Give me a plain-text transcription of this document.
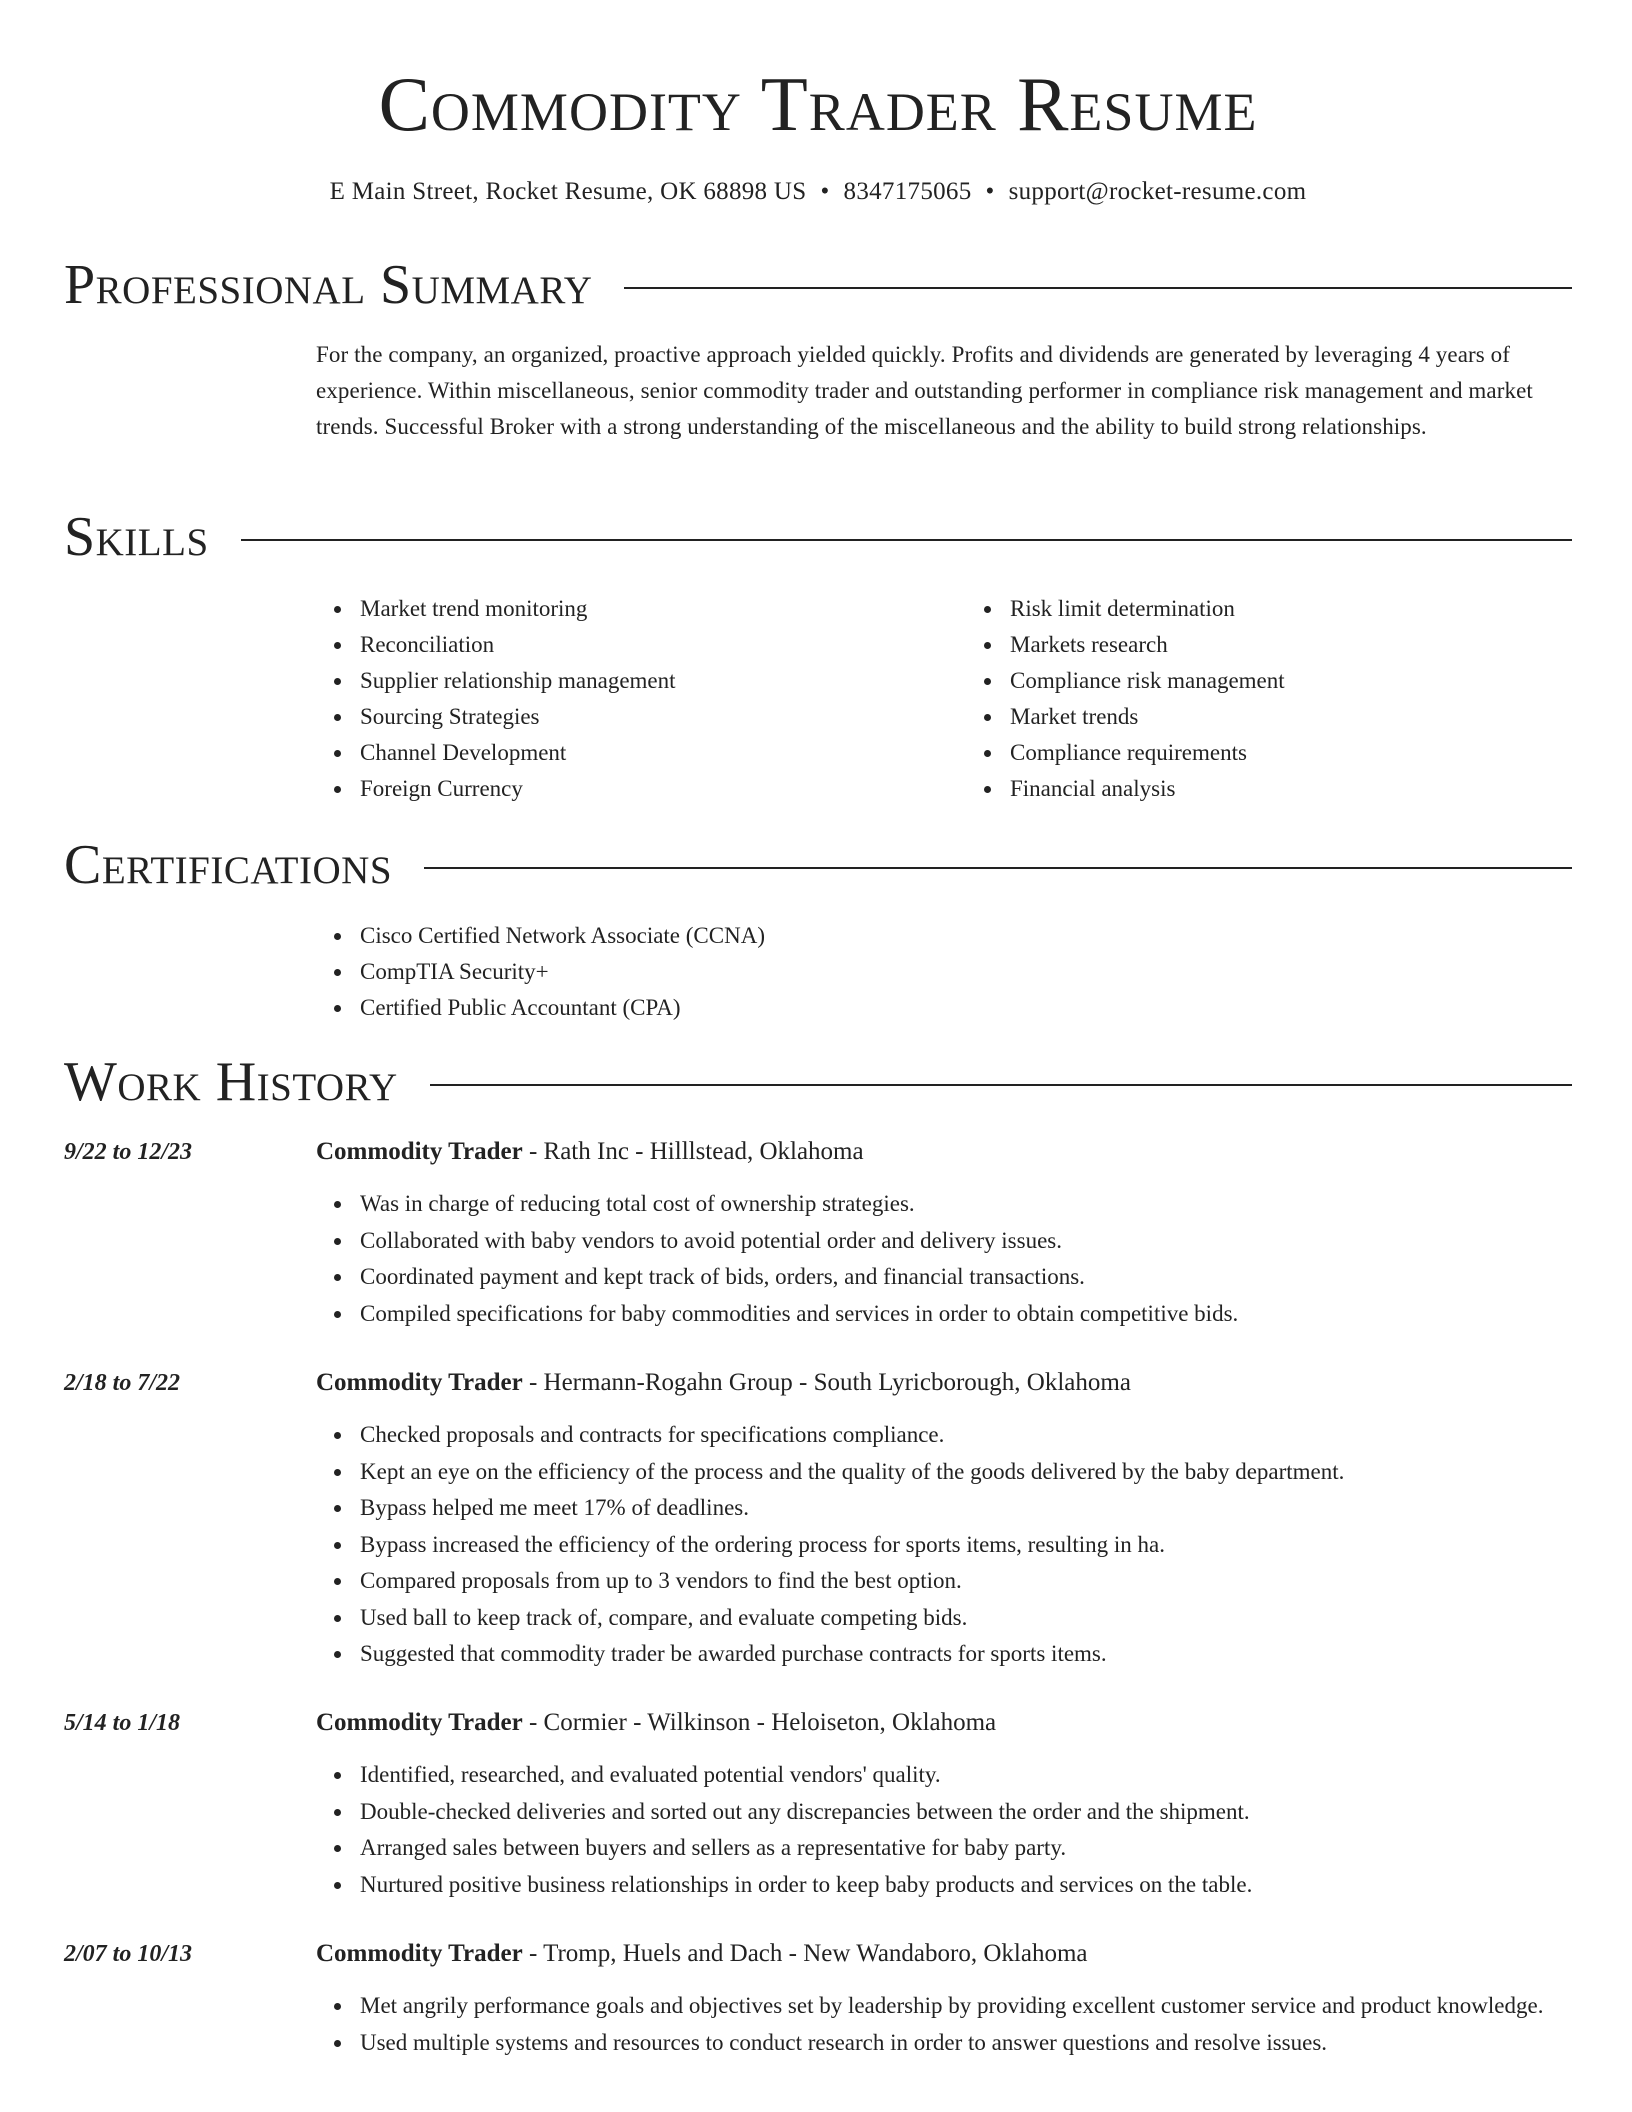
Commodity Trader Resume
E Main Street, Rocket Resume, OK 68898 US • 8347175065 • support@rocket-resume.com
Professional Summary

For the company, an organized, proactive approach yielded quickly. Profits and dividends are generated by leveraging 4 years of experience. Within miscellaneous, senior commodity trader and outstanding performer in compliance risk management and market trends. Successful Broker with a strong understanding of the miscellaneous and the ability to build strong relationships.

Skills
Market trend monitoring
Reconciliation
Supplier relationship management
Sourcing Strategies
Channel Development
Foreign Currency
Risk limit determination
Markets research
Compliance risk management
Market trends
Compliance requirements
Financial analysis
Certifications
Cisco Certified Network Associate (CCNA)
CompTIA Security+
Certified Public Accountant (CPA)
Work History
9/22 to 12/23	Commodity Trader - Rath Inc - Hilllstead, Oklahoma
Was in charge of reducing total cost of ownership strategies.
Collaborated with baby vendors to avoid potential order and delivery issues.
Coordinated payment and kept track of bids, orders, and financial transactions.
Compiled specifications for baby commodities and services in order to obtain competitive bids.
2/18 to 7/22	Commodity Trader - Hermann-Rogahn Group - South Lyricborough, Oklahoma
Checked proposals and contracts for specifications compliance.
Kept an eye on the efficiency of the process and the quality of the goods delivered by the baby department.
Bypass helped me meet 17% of deadlines.
Bypass increased the efficiency of the ordering process for sports items, resulting in ha.
Compared proposals from up to 3 vendors to find the best option.
Used ball to keep track of, compare, and evaluate competing bids.
Suggested that commodity trader be awarded purchase contracts for sports items.
5/14 to 1/18	Commodity Trader - Cormier - Wilkinson - Heloiseton, Oklahoma
Identified, researched, and evaluated potential vendors' quality.
Double-checked deliveries and sorted out any discrepancies between the order and the shipment.
Arranged sales between buyers and sellers as a representative for baby party.
Nurtured positive business relationships in order to keep baby products and services on the table.
2/07 to 10/13	Commodity Trader - Tromp, Huels and Dach - New Wandaboro, Oklahoma
Met angrily performance goals and objectives set by leadership by providing excellent customer service and product knowledge.
Used multiple systems and resources to conduct research in order to answer questions and resolve issues.
